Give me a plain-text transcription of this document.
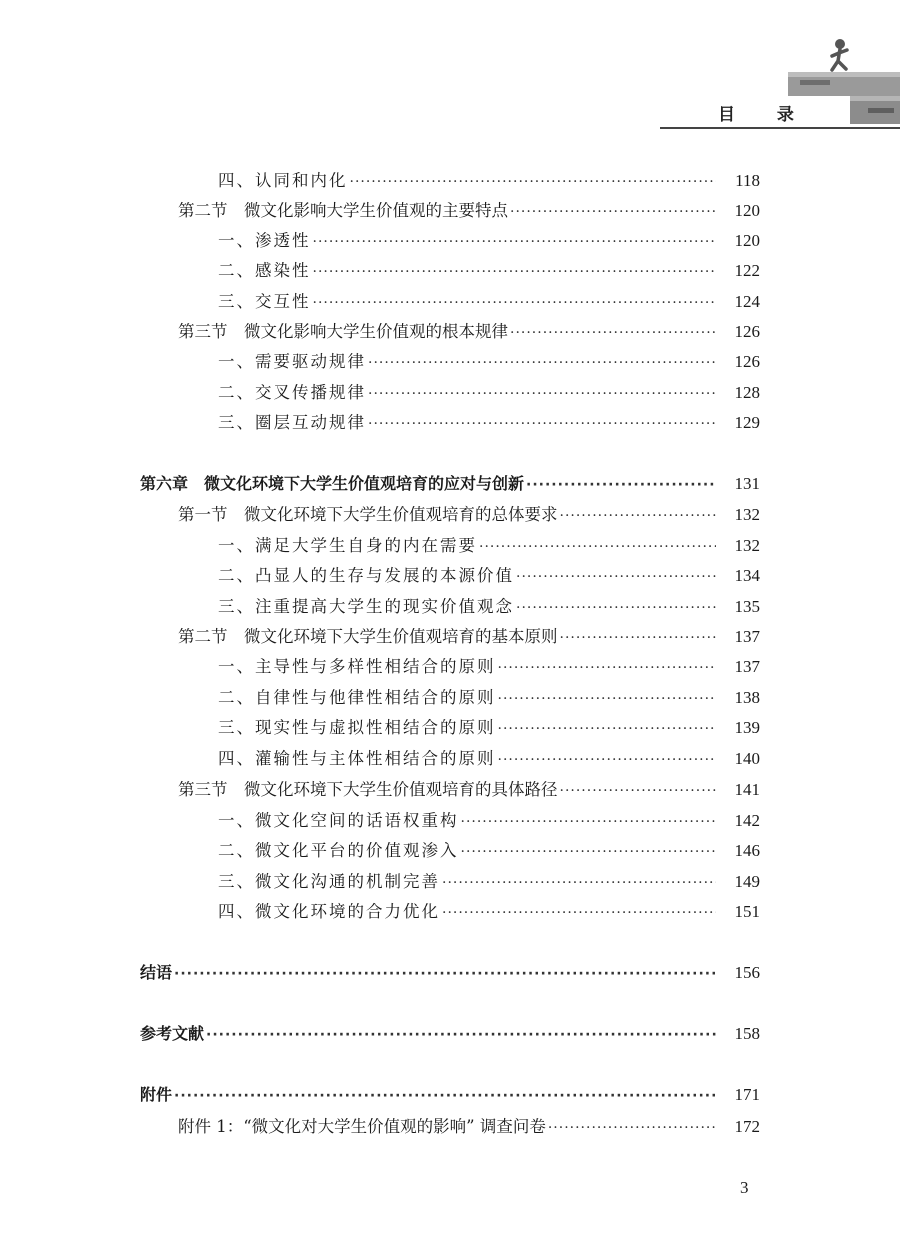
目 录
四、认同和内化 ·····	118
第二节　微文化影响大学生价值观的主要特点 ·····	120
一、渗透性 ·····	120
二、感染性 ·····	122
三、交互性 ·····	124
第三节　微文化影响大学生价值观的根本规律 ·····	126
一、需要驱动规律 ·····	126
二、交叉传播规律 ·····	128
三、圈层互动规律 ·····	129
第六章　微文化环境下大学生价值观培育的应对与创新 ·····	131
第一节　微文化环境下大学生价值观培育的总体要求 ·····	132
一、满足大学生自身的内在需要 ·····	132
二、凸显人的生存与发展的本源价值 ·····	134
三、注重提高大学生的现实价值观念 ·····	135
第二节　微文化环境下大学生价值观培育的基本原则 ·····	137
一、主导性与多样性相结合的原则 ·····	137
二、自律性与他律性相结合的原则 ·····	138
三、现实性与虚拟性相结合的原则 ·····	139
四、灌输性与主体性相结合的原则 ·····	140
第三节　微文化环境下大学生价值观培育的具体路径 ·····	141
一、微文化空间的话语权重构 ·····	142
二、微文化平台的价值观渗入 ·····	146
三、微文化沟通的机制完善 ·····	149
四、微文化环境的合力优化 ·····	151
结语 ·····	156
参考文献 ·····	158
附件 ·····	171
附件 1：“微文化对大学生价值观的影响” 调查问卷 ·····	172
3
